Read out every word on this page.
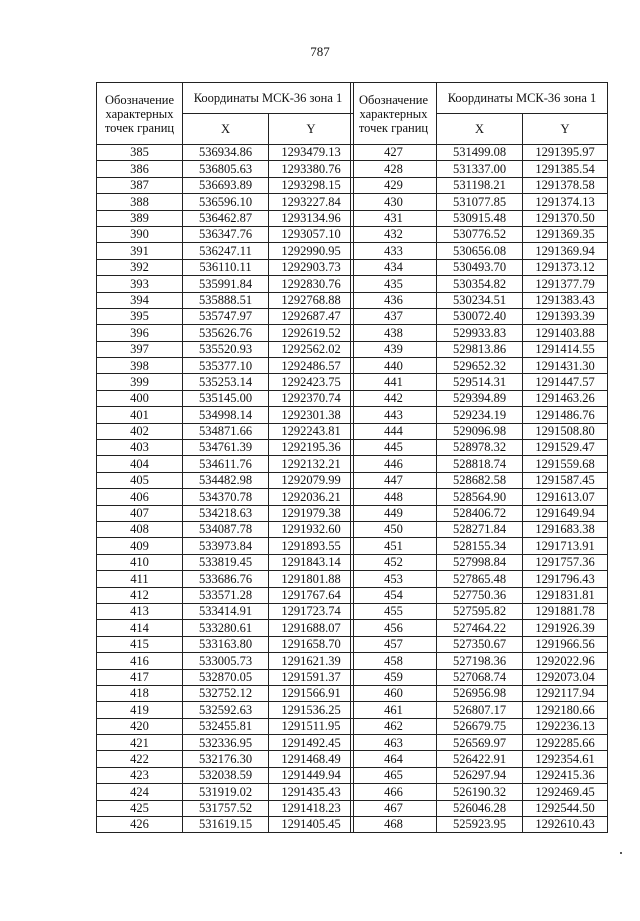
787
Обозначение характерных точек границ	Координаты МСК-36 зона 1	
	X	Y
385	536934.86	1293479.13
386	536805.63	1293380.76
387	536693.89	1293298.15
388	536596.10	1293227.84
389	536462.87	1293134.96
390	536347.76	1293057.10
391	536247.11	1292990.95
392	536110.11	1292903.73
393	535991.84	1292830.76
394	535888.51	1292768.88
395	535747.97	1292687.47
396	535626.76	1292619.52
397	535520.93	1292562.02
398	535377.10	1292486.57
399	535253.14	1292423.75
400	535145.00	1292370.74
401	534998.14	1292301.38
402	534871.66	1292243.81
403	534761.39	1292195.36
404	534611.76	1292132.21
405	534482.98	1292079.99
406	534370.78	1292036.21
407	534218.63	1291979.38
408	534087.78	1291932.60
409	533973.84	1291893.55
410	533819.45	1291843.14
411	533686.76	1291801.88
412	533571.28	1291767.64
413	533414.91	1291723.74
414	533280.61	1291688.07
415	533163.80	1291658.70
416	533005.73	1291621.39
417	532870.05	1291591.37
418	532752.12	1291566.91
419	532592.63	1291536.25
420	532455.81	1291511.95
421	532336.95	1291492.45
422	532176.30	1291468.49
423	532038.59	1291449.94
424	531919.02	1291435.43
425	531757.52	1291418.23
426	531619.15	1291405.45
Обозначение характерных точек границ	Координаты МСК-36 зона 1	
	X	Y
427	531499.08	1291395.97
428	531337.00	1291385.54
429	531198.21	1291378.58
430	531077.85	1291374.13
431	530915.48	1291370.50
432	530776.52	1291369.35
433	530656.08	1291369.94
434	530493.70	1291373.12
435	530354.82	1291377.79
436	530234.51	1291383.43
437	530072.40	1291393.39
438	529933.83	1291403.88
439	529813.86	1291414.55
440	529652.32	1291431.30
441	529514.31	1291447.57
442	529394.89	1291463.26
443	529234.19	1291486.76
444	529096.98	1291508.80
445	528978.32	1291529.47
446	528818.74	1291559.68
447	528682.58	1291587.45
448	528564.90	1291613.07
449	528406.72	1291649.94
450	528271.84	1291683.38
451	528155.34	1291713.91
452	527998.84	1291757.36
453	527865.48	1291796.43
454	527750.36	1291831.81
455	527595.82	1291881.78
456	527464.22	1291926.39
457	527350.67	1291966.56
458	527198.36	1292022.96
459	527068.74	1292073.04
460	526956.98	1292117.94
461	526807.17	1292180.66
462	526679.75	1292236.13
463	526569.97	1292285.66
464	526422.91	1292354.61
465	526297.94	1292415.36
466	526190.32	1292469.45
467	526046.28	1292544.50
468	525923.95	1292610.43
